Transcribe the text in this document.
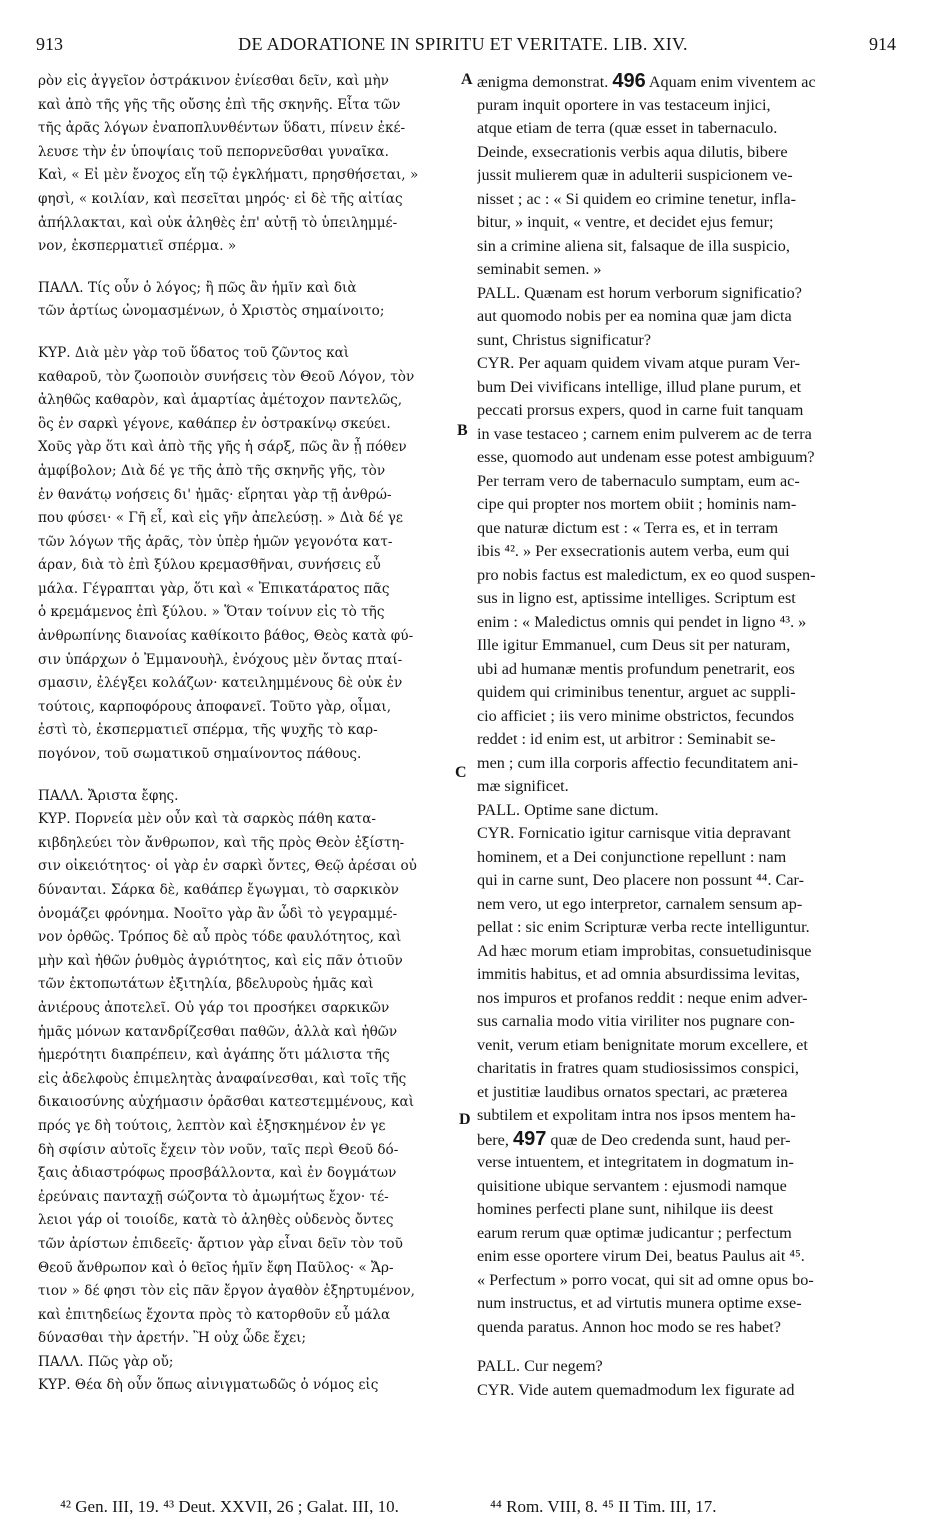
913	DE ADORATIONE IN SPIRITU ET VERITATE. LIB. XIV.	914
ρὸν εἰς ἀγγεῖον ὀστράκινον ἐνίεσθαι δεῖν, καὶ μὴν
καὶ ἀπὸ τῆς γῆς τῆς οὔσης ἐπὶ τῆς σκηνῆς. Εἶτα τῶν
τῆς ἀρᾶς λόγων ἐναποπλυνθέντων ὕδατι, πίνειν ἐκέ-
λευσε τὴν ἐν ὑποψίαις τοῦ πεπορνεῦσθαι γυναῖκα.
Καὶ, « Εἰ μὲν ἔνοχος εἴη τῷ ἐγκλήματι, πρησθήσεται, »
φησὶ, « κοιλίαν, καὶ πεσεῖται μηρός· εἰ δὲ τῆς αἰτίας
ἀπήλλακται, καὶ οὐκ ἀληθὲς ἐπ' αὐτῇ τὸ ὑπειλημμέ-
νον, ἐκσπερματιεῖ σπέρμα. »
ΠΑΛΛ. Τίς οὖν ὁ λόγος; ἢ πῶς ἂν ἡμῖν καὶ διὰ
τῶν ἀρτίως ὠνομασμένων, ὁ Χριστὸς σημαίνοιτο;
ΚΥΡ. Διὰ μὲν γὰρ τοῦ ὕδατος τοῦ ζῶντος καὶ
καθαροῦ, τὸν ζωοποιὸν συνήσεις τὸν Θεοῦ Λόγον, τὸν
ἀληθῶς καθαρὸν, καὶ ἁμαρτίας ἀμέτοχον παντελῶς,
ὃς ἐν σαρκὶ γέγονε, καθάπερ ἐν ὀστρακίνῳ σκεύει.
Χοῦς γὰρ ὅτι καὶ ἀπὸ τῆς γῆς ἡ σάρξ, πῶς ἂν ᾖ πόθεν
ἀμφίβολον; Διὰ δέ γε τῆς ἀπὸ τῆς σκηνῆς γῆς, τὸν
ἐν θανάτῳ νοήσεις δι' ἡμᾶς· εἴρηται γὰρ τῇ ἀνθρώ-
που φύσει· « Γῆ εἶ, καὶ εἰς γῆν ἀπελεύσῃ. » Διὰ δέ γε
τῶν λόγων τῆς ἀρᾶς, τὸν ὑπὲρ ἡμῶν γεγονότα κατ-
άραν, διὰ τὸ ἐπὶ ξύλου κρεμασθῆναι, συνήσεις εὖ
μάλα. Γέγραπται γὰρ, ὅτι καὶ « Ἐπικατάρατος πᾶς
ὁ κρεμάμενος ἐπὶ ξύλου. » Ὅταν τοίνυν εἰς τὸ τῆς
ἀνθρωπίνης διανοίας καθίκοιτο βάθος, Θεὸς κατὰ φύ-
σιν ὑπάρχων ὁ Ἐμμανουὴλ, ἐνόχους μὲν ὄντας πταί-
σμασιν, ἐλέγξει κολάζων· κατειλημμένους δὲ οὐκ ἐν
τούτοις, καρποφόρους ἀποφανεῖ. Τοῦτο γὰρ, οἶμαι,
ἐστὶ τὸ, ἐκσπερματιεῖ σπέρμα, τῆς ψυχῆς τὸ καρ-
πογόνον, τοῦ σωματικοῦ σημαίνοντος πάθους.
ΠΑΛΛ. Ἄριστα ἔφης.
ΚΥΡ. Πορνεία μὲν οὖν καὶ τὰ σαρκὸς πάθη κατα-
κιβδηλεύει τὸν ἄνθρωπον, καὶ τῆς πρὸς Θεὸν ἐξίστη-
σιν οἰκειότητος· οἱ γὰρ ἐν σαρκὶ ὄντες, Θεῷ ἀρέσαι οὐ
δύνανται. Σάρκα δὲ, καθάπερ ἔγωγμαι, τὸ σαρκικὸν
ὀνομάζει φρόνημα. Νοοῖτο γὰρ ἂν ὧδὶ τὸ γεγραμμέ-
νον ὀρθῶς. Τρόπος δὲ αὖ πρὸς τόδε φαυλότητος, καὶ
μὴν καὶ ἠθῶν ῥυθμὸς ἀγριότητος, καὶ εἰς πᾶν ὁτιοῦν
τῶν ἐκτοπωτάτων ἐξιτηλία, βδελυροὺς ἡμᾶς καὶ
ἀνιέρους ἀποτελεῖ. Οὐ γάρ τοι προσήκει σαρκικῶν
ἡμᾶς μόνων κατανδρίζεσθαι παθῶν, ἀλλὰ καὶ ἠθῶν
ἡμερότητι διαπρέπειν, καὶ ἀγάπης ὅτι μάλιστα τῆς
εἰς ἀδελφοὺς ἐπιμελητὰς ἀναφαίνεσθαι, καὶ τοῖς τῆς
δικαιοσύνης αὐχήμασιν ὁρᾶσθαι κατεστεμμένους, καὶ
πρός γε δὴ τούτοις, λεπτὸν καὶ ἐξησκημένον ἐν γε
δὴ σφίσιν αὐτοῖς ἔχειν τὸν νοῦν, ταῖς περὶ Θεοῦ δό-
ξαις ἀδιαστρόφως προσβάλλοντα, καὶ ἐν δογμάτων
ἐρεύναις πανταχῇ σώζοντα τὸ ἀμωμήτως ἔχον· τέ-
λειοι γάρ οἱ τοιοίδε, κατὰ τὸ ἀληθὲς οὐδενὸς ὄντες
τῶν ἀρίστων ἐπιδεεῖς· ἄρτιον γὰρ εἶναι δεῖν τὸν τοῦ
Θεοῦ ἄνθρωπον καὶ ὁ θεῖος ἡμῖν ἔφη Παῦλος· « Ἄρ-
τιον » δέ φησι τὸν εἰς πᾶν ἔργον ἀγαθὸν ἐξηρτυμένον,
καὶ ἐπιτηδείως ἔχοντα πρὸς τὸ κατορθοῦν εὖ μάλα
δύνασθαι τὴν ἀρετήν. Ἢ οὐχ ὧδε ἔχει;
ΠΑΛΛ. Πῶς γὰρ οὔ;
ΚΥΡ. Θέα δὴ οὖν ὅπως αἰνιγματωδῶς ὁ νόμος εἰς
ænigma demonstrat. 496 Aquam enim viventem ac
puram inquit oportere in vas testaceum injici,
atque etiam de terra (quæ esset in tabernaculo.
Deinde, exsecrationis verbis aqua dilutis, bibere
jussit mulierem quæ in adulterii suspicionem ve-
nisset ; ac : « Si quidem eo crimine tenetur, infla-
bitur, » inquit, « ventre, et decidet ejus femur;
sin a crimine aliena sit, falsaque de illa suspicio,
seminabit semen. »
PALL. Quænam est horum verborum significatio?
aut quomodo nobis per ea nomina quæ jam dicta
sunt, Christus significatur?
CYR. Per aquam quidem vivam atque puram Ver-
bum Dei vivificans intellige, illud plane purum, et
peccati prorsus expers, quod in carne fuit tanquam
in vase testaceo ; carnem enim pulverem ac de terra
esse, quomodo aut undenam esse potest ambiguum?
Per terram vero de tabernaculo sumptam, eum ac-
cipe qui propter nos mortem obiit ; hominis nam-
que naturæ dictum est : « Terra es, et in terram
ibis ⁴². » Per exsecrationis autem verba, eum qui
pro nobis factus est maledictum, ex eo quod suspen-
sus in ligno est, aptissime intelliges. Scriptum est
enim : « Maledictus omnis qui pendet in ligno ⁴³. »
Ille igitur Emmanuel, cum Deus sit per naturam,
ubi ad humanæ mentis profundum penetrarit, eos
quidem qui criminibus tenentur, arguet ac suppli-
cio afficiet ; iis vero minime obstrictos, fecundos
reddet : id enim est, ut arbitror : Seminabit se-
men ; cum illa corporis affectio fecunditatem ani-
mæ significet.
PALL. Optime sane dictum.
CYR. Fornicatio igitur carnisque vitia depravant
hominem, et a Dei conjunctione repellunt : nam
qui in carne sunt, Deo placere non possunt ⁴⁴. Car-
nem vero, ut ego interpretor, carnalem sensum ap-
pellat : sic enim Scripturæ verba recte intelliguntur.
Ad hæc morum etiam improbitas, consuetudinisque
immitis habitus, et ad omnia absurdissima levitas,
nos impuros et profanos reddit : neque enim adver-
sus carnalia modo vitia viriliter nos pugnare con-
venit, verum etiam benignitate morum excellere, et
charitatis in fratres quam studiosissimos conspici,
et justitiæ laudibus ornatos spectari, ac præterea
subtilem et expolitam intra nos ipsos mentem ha-
bere, 497 quæ de Deo credenda sunt, haud per-
verse intuentem, et integritatem in dogmatum in-
quisitione ubique servantem : ejusmodi namque
homines perfecti plane sunt, nihilque iis deest
earum rerum quæ optimæ judicantur ; perfectum
enim esse oportere virum Dei, beatus Paulus ait ⁴⁵.
« Perfectum » porro vocat, qui sit ad omne opus bo-
num instructus, et ad virtutis munera optime exse-
quenda paratus. Annon hoc modo se res habet?
PALL. Cur negem?
CYR. Vide autem quemadmodum lex figurate ad
A
B
C
D
⁴² Gen. III, 19. ⁴³ Deut. XXVII, 26 ; Galat. III, 10.	⁴⁴ Rom. VIII, 8. ⁴⁵ II Tim. III, 17.
